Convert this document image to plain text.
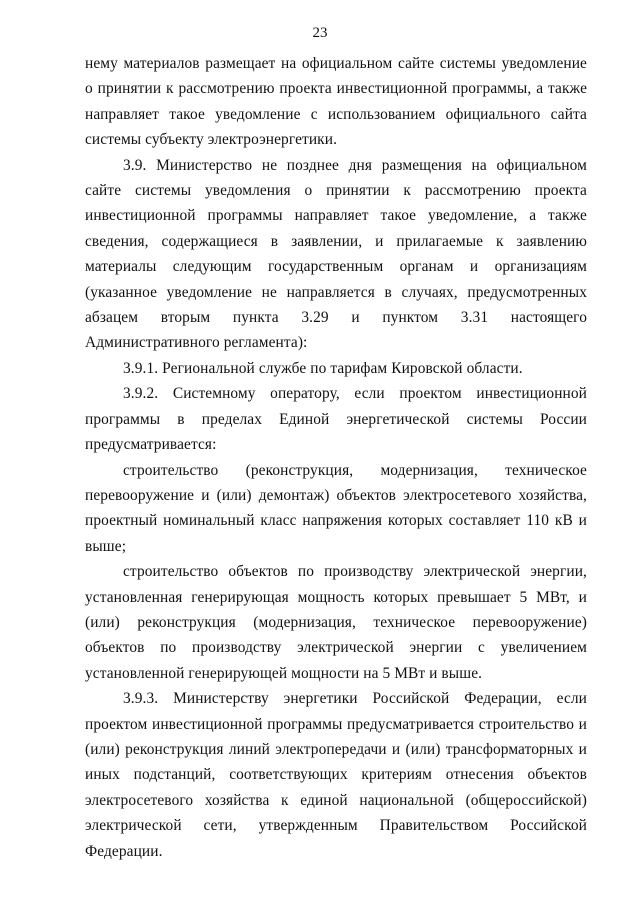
23

нему материалов размещает на официальном сайте системы уведомление о принятии к рассмотрению проекта инвестиционной программы, а также направляет такое уведомление с использованием официального сайта системы субъекту электроэнергетики.

3.9. Министерство не позднее дня размещения на официальном сайте системы уведомления о принятии к рассмотрению проекта инвестиционной программы направляет такое уведомление, а также сведения, содержащиеся в заявлении, и прилагаемые к заявлению материалы следующим государственным органам и организациям (указанное уведомление не направляется в случаях, предусмотренных абзацем вторым пункта 3.29 и пунктом 3.31 настоящего Административного регламента):

3.9.1. Региональной службе по тарифам Кировской области.

3.9.2. Системному оператору, если проектом инвестиционной программы в пределах Единой энергетической системы России предусматривается:

строительство (реконструкция, модернизация, техническое перевооружение и (или) демонтаж) объектов электросетевого хозяйства, проектный номинальный класс напряжения которых составляет 110 кВ и выше;

строительство объектов по производству электрической энергии, установленная генерирующая мощность которых превышает 5 МВт, и (или) реконструкция (модернизация, техническое перевооружение) объектов по производству электрической энергии с увеличением установленной генерирующей мощности на 5 МВт и выше.

3.9.3. Министерству энергетики Российской Федерации, если проектом инвестиционной программы предусматривается строительство и (или) реконструкция линий электропередачи и (или) трансформаторных и иных подстанций, соответствующих критериям отнесения объектов электросетевого хозяйства к единой национальной (общероссийской) электрической сети, утвержденным Правительством Российской Федерации.
